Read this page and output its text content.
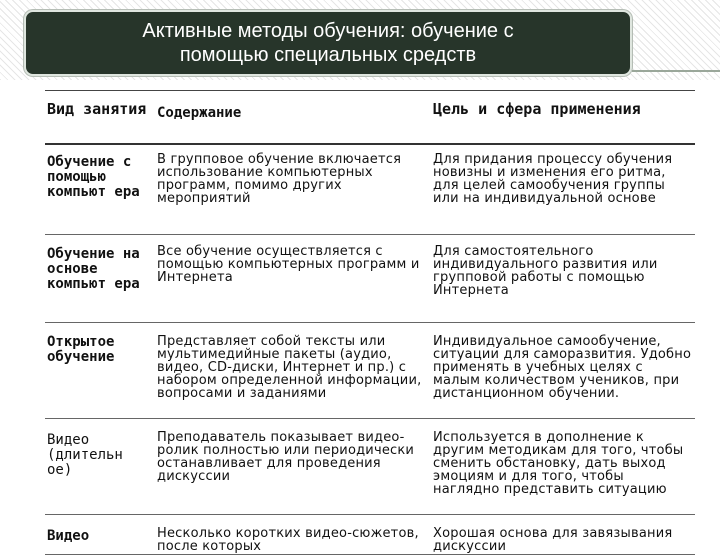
Активные методы обучения: обучение с
помощью специальных средств
Вид занятия	Содержание	Цель и сфера применения

Обучение с помощью компьют ера	В групповое обучение включается использование компьютерных программ, помимо других мероприятий	Для придания процессу обучения новизны и изменения его ритма, для целей самообучения группы или на индивидуальной основе

Обучение на основе компьют ера	Все обучение осуществляется с помощью компьютерных программ и Интернета	Для самостоятельного индивидуального развития или групповой работы с помощью Интернета

Открытое обучение	Представляет собой тексты или мультимедийные пакеты (аудио, видео, CD-диски, Интернет и пр.) с набором определенной информации, вопросами и заданиями	Индивидуальное самообучение, ситуации для саморазвития. Удобно применять в учебных целях с малым количеством учеников, при дистанционном обучении.

Видео (длительн ое)	Преподаватель показывает видео-ролик полностью или периодически останавливает для проведения дискуссии	Используется в дополнение к другим методикам для того, чтобы сменить обстановку, дать выход эмоциям и для того, чтобы наглядно представить ситуацию

Видео	Несколько коротких видео-сюжетов, после которых	Хорошая основа для завязывания дискуссии
